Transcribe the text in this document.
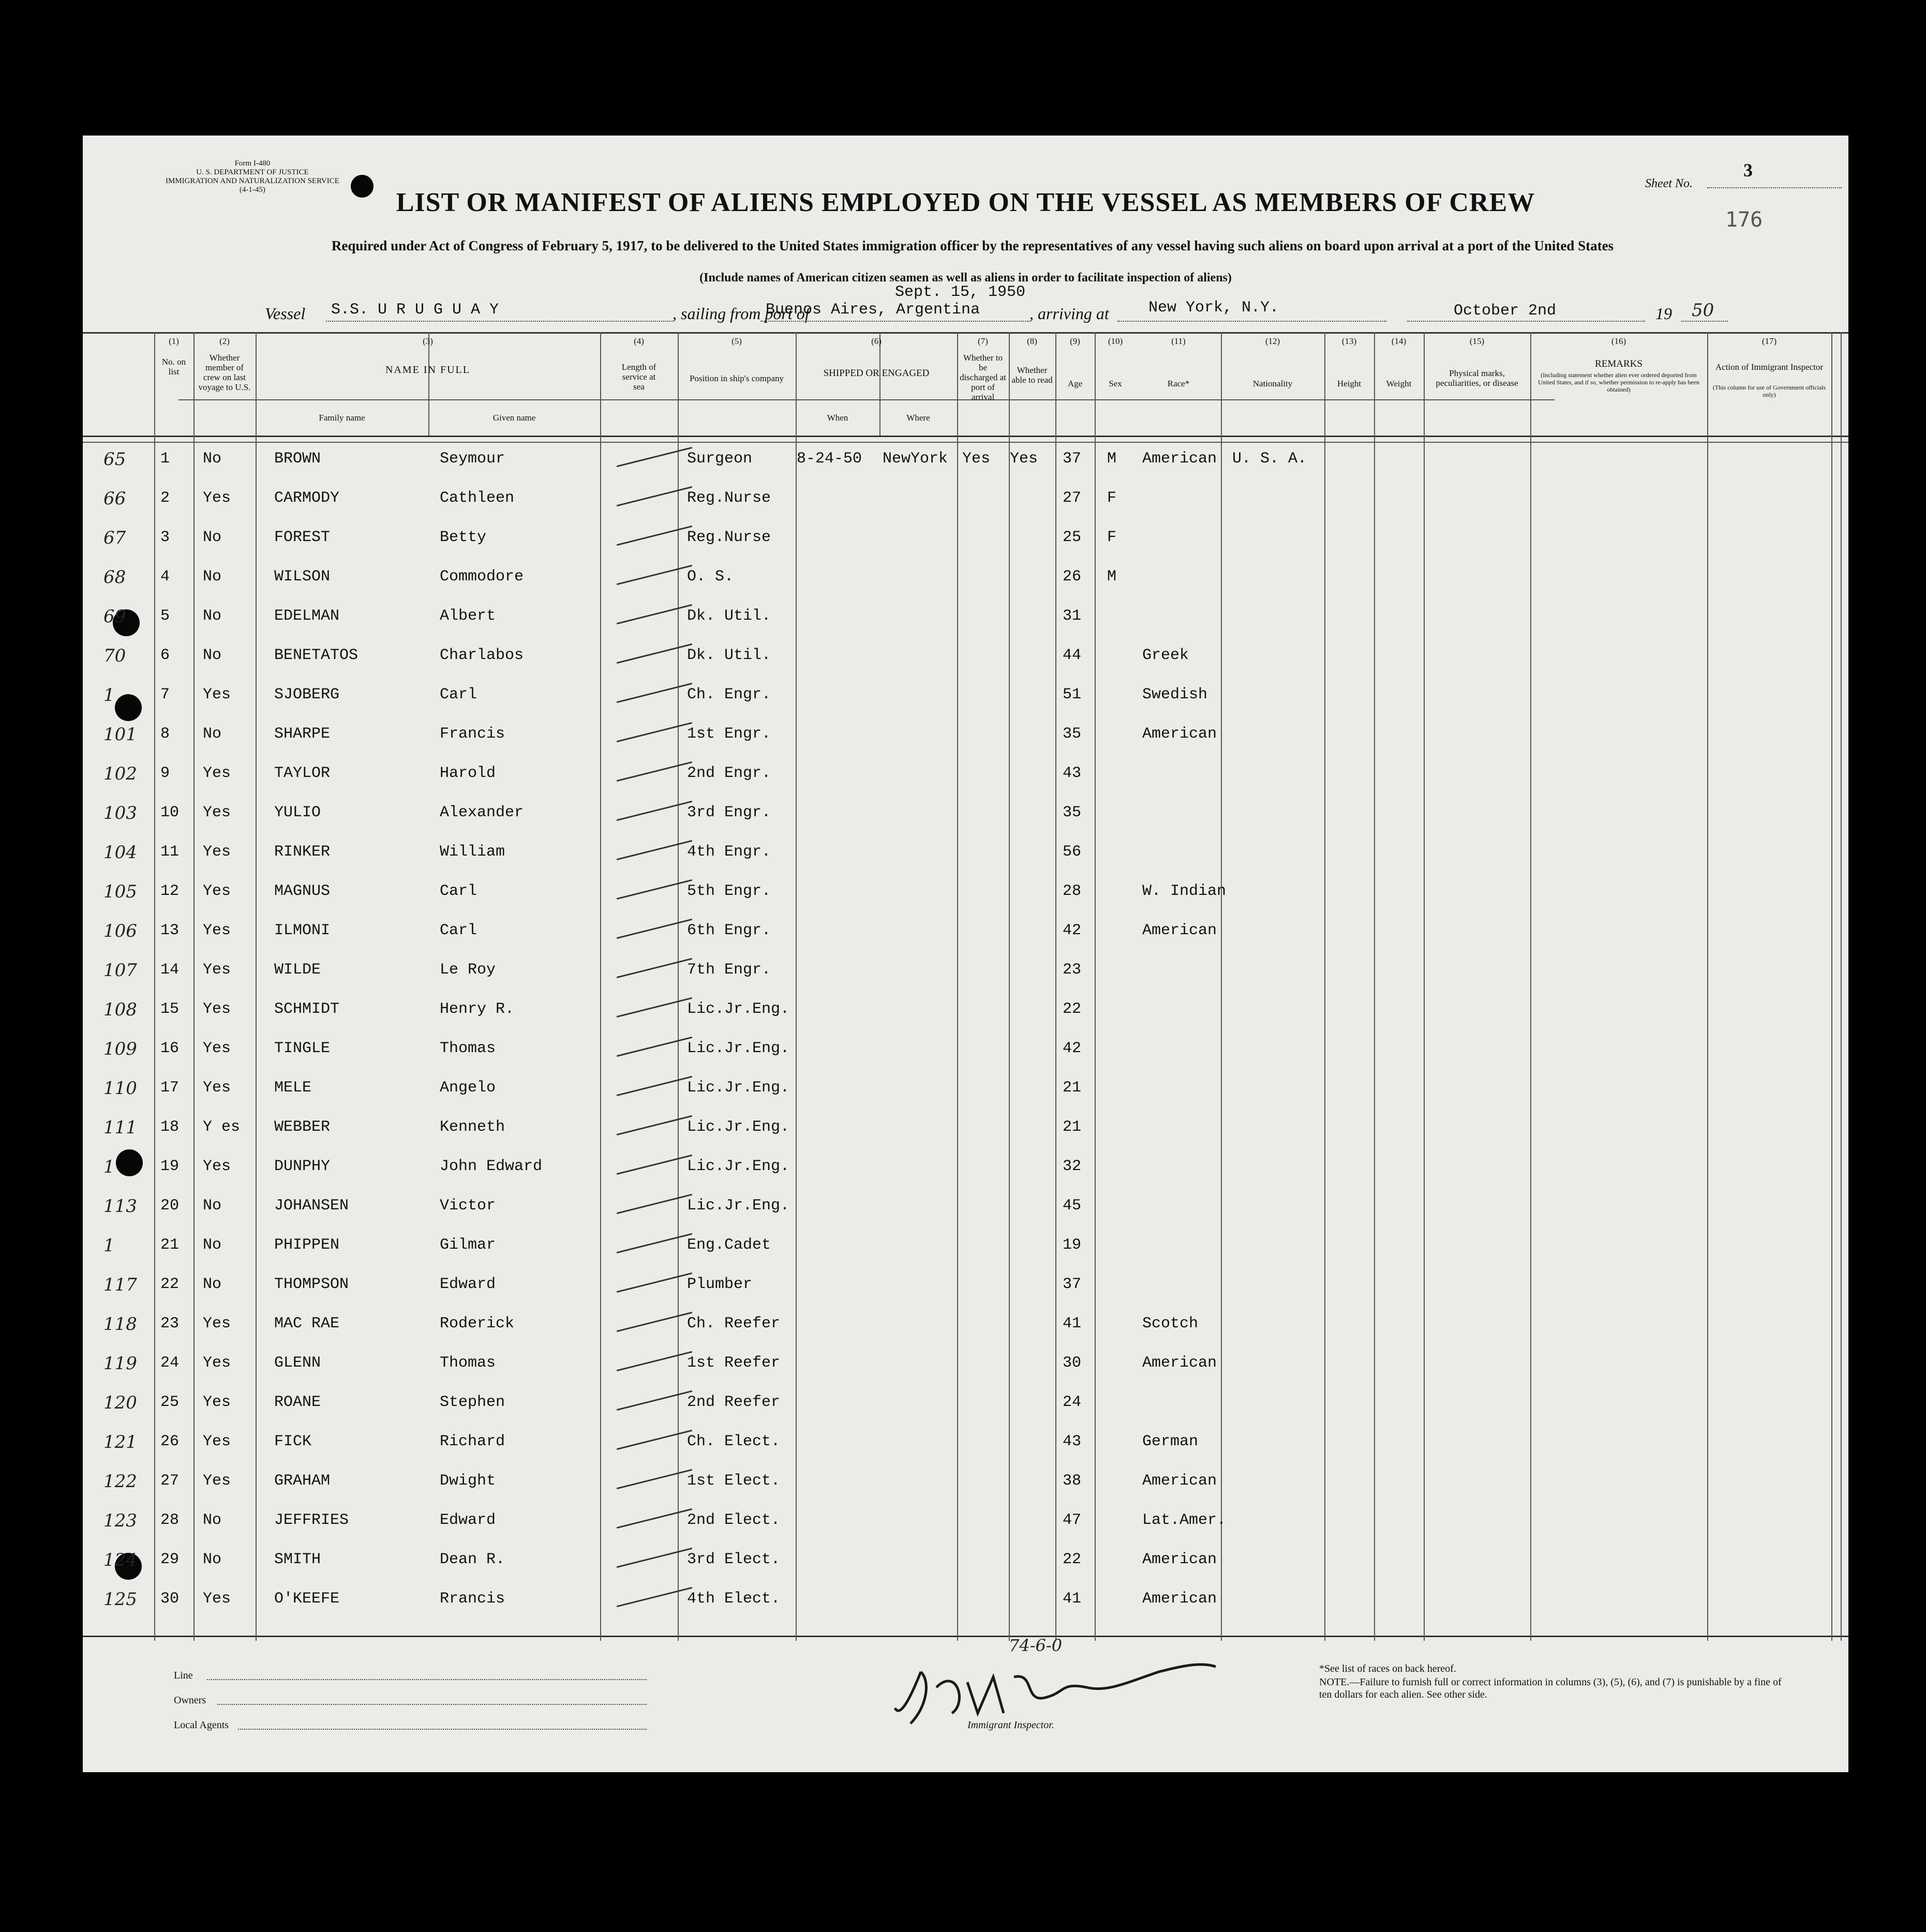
Form I-480
U. S. DEPARTMENT OF JUSTICE
IMMIGRATION AND NATURALIZATION SERVICE
(4-1-45)	Sheet No.
3
176
LIST OR MANIFEST OF ALIENS EMPLOYED ON THE VESSEL AS MEMBERS OF CREW
Required under Act of Congress of February 5, 1917, to be delivered to the United States immigration officer by the representatives of any vessel having such aliens on board upon arrival at a port of the United States
(Include names of American citizen seamen as well as aliens in order to facilitate inspection of aliens)
Sept. 15, 1950
Vessel S.S. U R U G U A Y	, sailing from port of
Buenos Aires, Argentina	, arriving at	New York, N.Y.	October 2nd	19 50
(1)
No. on list
(2)
Whether member of crew on last voyage to U.S.
(3)
NAME IN FULL
Family name	Given name
(4)
Length of service at sea
(5)
Position in ship's company
(6)
SHIPPED OR ENGAGED
When	Where
(7)
Whether to be discharged at port of arrival
(8)
Whether able to read
(9)
Age
(10)
Sex
(11)
Race*
(12)
Nationality
(13)
Height
(14)
Weight
(15)
Physical marks, peculiarities, or disease
(16)
REMARKS
(Including statement whether alien ever ordered deported from United States, and if so, whether permission to re-apply has been obtained)
(17)
Action of Immigrant Inspector
(This column for use of Government officials only)
65 1 No	BROWN	Seymour	Surgeon	8-24-50 NewYork Yes Yes 37 M American U. S. A.
66 2 Yes	CARMODY	Cathleen	Reg.Nurse	27 F
67 3 No	FOREST	Betty	Reg.Nurse	25 F
68 4 No	WILSON	Commodore	O. S.	26 M
69 5 No	EDELMAN	Albert	Dk. Util.	31
70 6 No	BENETATOS	Charlabos	Dk. Util.	44	Greek
1	7 Yes	SJOBERG	Carl	Ch. Engr.	51	Swedish
101 8 No	SHARPE	Francis	1st Engr.	35	American
102 9 Yes	TAYLOR	Harold	2nd Engr.	43
103 10 Yes	YULIO	Alexander	3rd Engr.	35
104 11 Yes	RINKER	William	4th Engr.	56
105 12 Yes	MAGNUS	Carl	5th Engr.	28	W. Indian
106 13 Yes	ILMONI	Carl	6th Engr.	42	American
107 14 Yes	WILDE	Le Roy	7th Engr.	23
108 15 Yes	SCHMIDT	Henry R.	Lic.Jr.Eng.	22
109 16 Yes	TINGLE	Thomas	Lic.Jr.Eng.	42
110 17 Yes	MELE	Angelo	Lic.Jr.Eng.	21
111 18 Y es WEBBER	Kenneth	Lic.Jr.Eng.	21
1	19 Yes	DUNPHY	John Edward	Lic.Jr.Eng.	32
113 20 No	JOHANSEN	Victor	Lic.Jr.Eng.	45
1	21 No	PHIPPEN	Gilmar	Eng.Cadet	19
117 22 No	THOMPSON	Edward	Plumber	37
118 23 Yes	MAC RAE	Roderick	Ch. Reefer	41	Scotch
119 24 Yes	GLENN	Thomas	1st Reefer	30	American
120 25 Yes	ROANE	Stephen	2nd Reefer	24
121 26 Yes	FICK	Richard	Ch. Elect.	43	German
122 27 Yes	GRAHAM	Dwight	1st Elect.	38	American
123 28 No	JEFFRIES	Edward	2nd Elect.	47	Lat.Amer.
124 29 No	SMITH	Dean R.	3rd Elect.	22	American
125 30 Yes	O'KEEFE	Rrancis	4th Elect.	41	American
Line
Owners
Local Agents
74-6-0
Immigrant Inspector.
*See list of races on back hereof.
NOTE.—Failure to furnish full or correct information in columns (3), (5), (6), and (7) is punishable by a fine of ten dollars for each alien. See other side.
